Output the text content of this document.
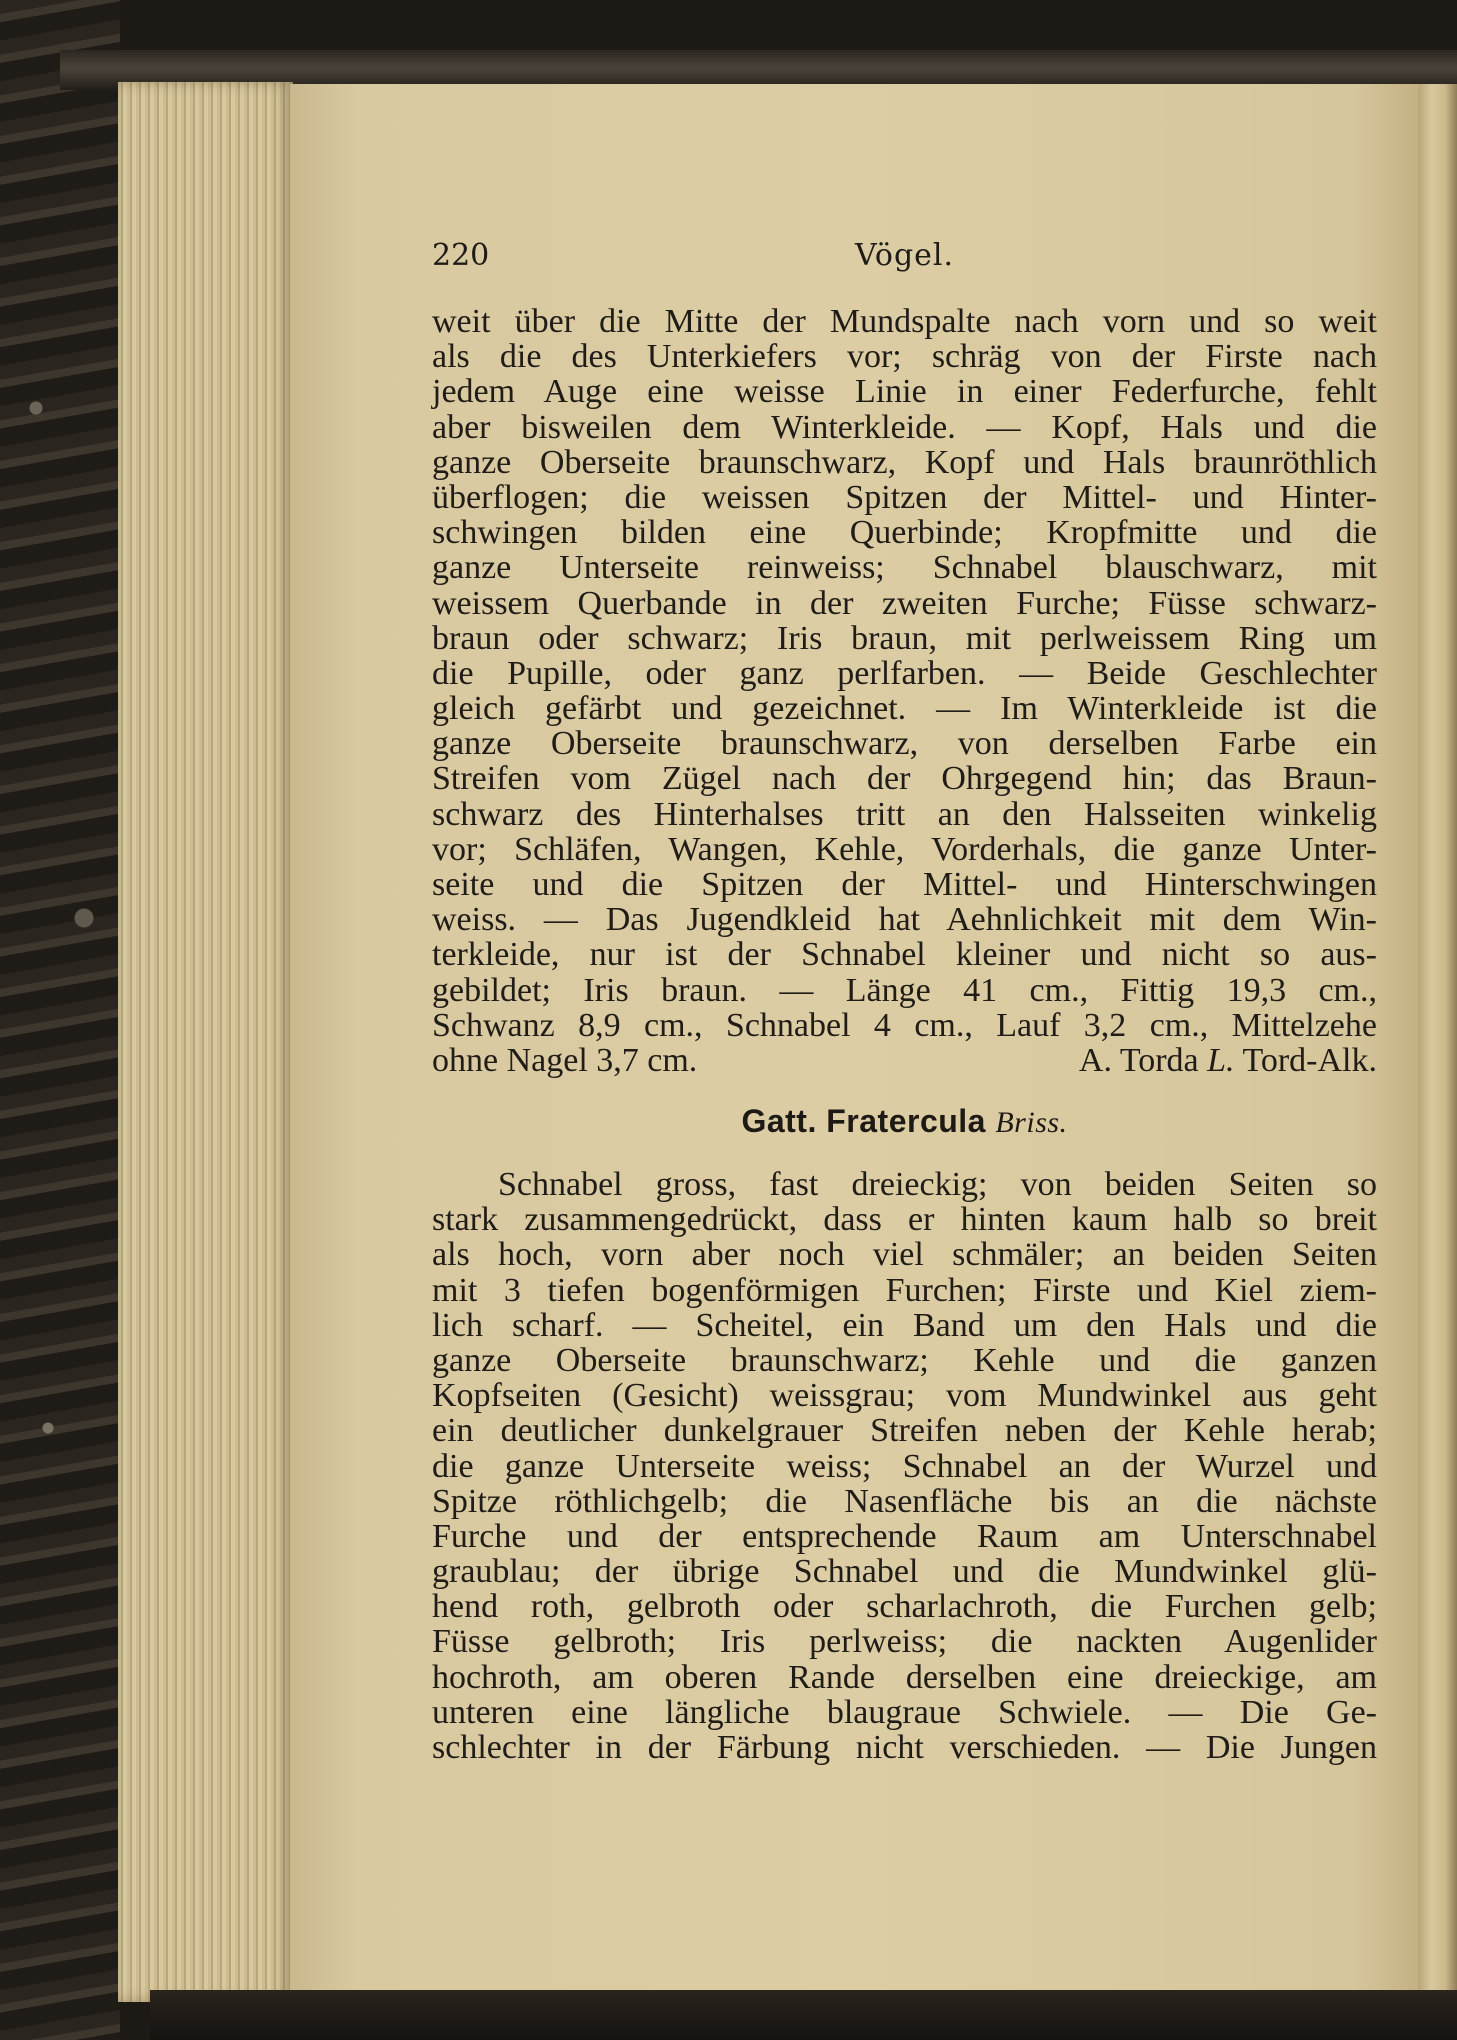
220	Vögel.
weit über die Mitte der Mundspalte nach vorn und so weit
als die des Unterkiefers vor; schräg von der Firste nach
jedem Auge eine weisse Linie in einer Federfurche, fehlt
aber bisweilen dem Winterkleide. — Kopf, Hals und die
ganze Oberseite braunschwarz, Kopf und Hals braunröthlich
überflogen; die weissen Spitzen der Mittel- und Hinter-
schwingen bilden eine Querbinde; Kropfmitte und die
ganze Unterseite reinweiss; Schnabel blauschwarz, mit
weissem Querbande in der zweiten Furche; Füsse schwarz-
braun oder schwarz; Iris braun, mit perlweissem Ring um
die Pupille, oder ganz perlfarben. — Beide Geschlechter
gleich gefärbt und gezeichnet. — Im Winterkleide ist die
ganze Oberseite braunschwarz, von derselben Farbe ein
Streifen vom Zügel nach der Ohrgegend hin; das Braun-
schwarz des Hinterhalses tritt an den Halsseiten winkelig
vor; Schläfen, Wangen, Kehle, Vorderhals, die ganze Unter-
seite und die Spitzen der Mittel- und Hinterschwingen
weiss. — Das Jugendkleid hat Aehnlichkeit mit dem Win-
terkleide, nur ist der Schnabel kleiner und nicht so aus-
gebildet; Iris braun. — Länge 41 cm., Fittig 19,3 cm.,
Schwanz 8,9 cm., Schnabel 4 cm., Lauf 3,2 cm., Mittelzehe
ohne Nagel 3,7 cm.	A. Torda L. Tord-Alk.
Gatt. Fratercula Briss.
Schnabel gross, fast dreieckig; von beiden Seiten so
stark zusammengedrückt, dass er hinten kaum halb so breit
als hoch, vorn aber noch viel schmäler; an beiden Seiten
mit 3 tiefen bogenförmigen Furchen; Firste und Kiel ziem-
lich scharf. — Scheitel, ein Band um den Hals und die
ganze Oberseite braunschwarz; Kehle und die ganzen
Kopfseiten (Gesicht) weissgrau; vom Mundwinkel aus geht
ein deutlicher dunkelgrauer Streifen neben der Kehle herab;
die ganze Unterseite weiss; Schnabel an der Wurzel und
Spitze röthlichgelb; die Nasenfläche bis an die nächste
Furche und der entsprechende Raum am Unterschnabel
graublau; der übrige Schnabel und die Mundwinkel glü-
hend roth, gelbroth oder scharlachroth, die Furchen gelb;
Füsse gelbroth; Iris perlweiss; die nackten Augenlider
hochroth, am oberen Rande derselben eine dreieckige, am
unteren eine längliche blaugraue Schwiele. — Die Ge-
schlechter in der Färbung nicht verschieden. — Die Jungen
